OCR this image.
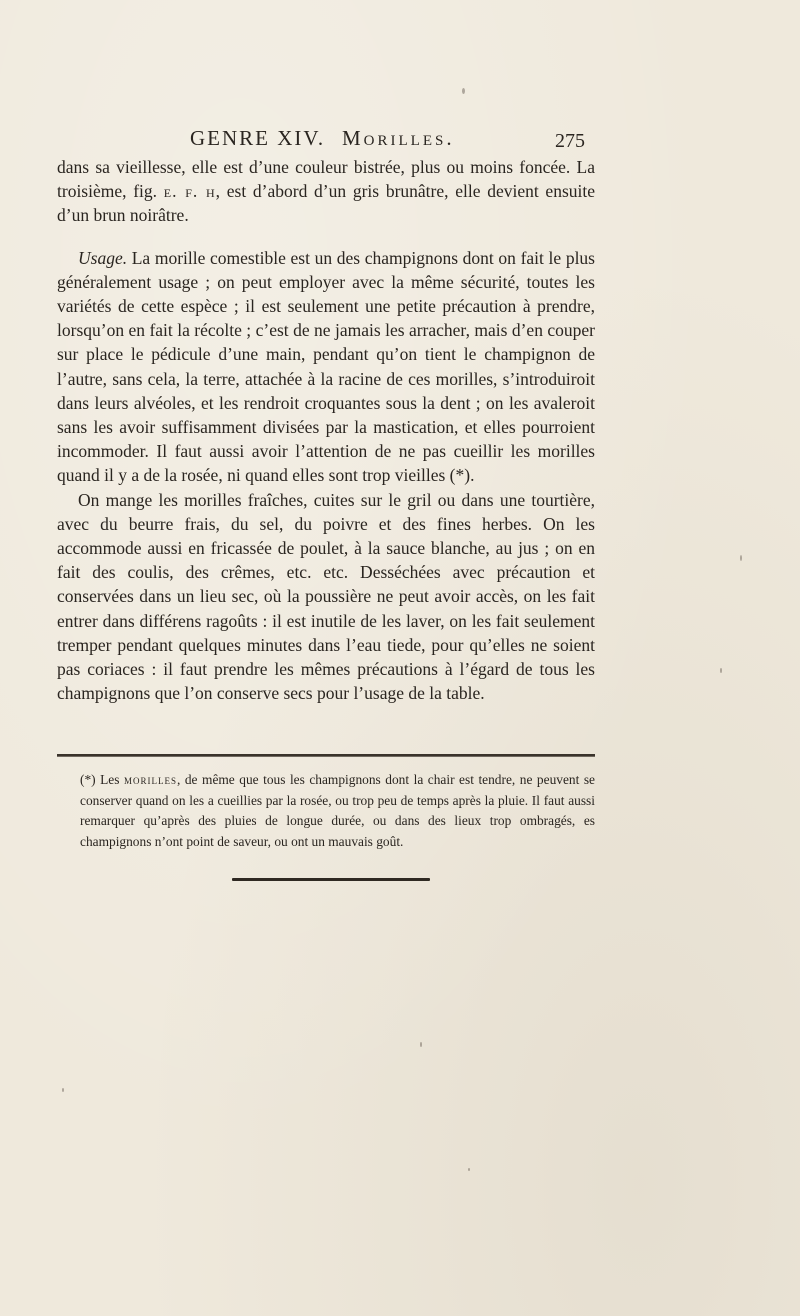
GENRE XIV. Morilles.	275

dans sa vieillesse, elle est d’une couleur bistrée, plus ou moins foncée. La troisième, fig. e. f. h, est d’abord d’un gris brunâtre, elle devient ensuite d’un brun noirâtre.

Usage. La morille comestible est un des champignons dont on fait le plus généralement usage ; on peut employer avec la même sécurité, toutes les variétés de cette espèce ; il est seulement une petite précaution à prendre, lorsqu’on en fait la récolte ; c’est de ne jamais les arracher, mais d’en couper sur place le pédicule d’une main, pendant qu’on tient le champignon de l’autre, sans cela, la terre, attachée à la racine de ces morilles, s’introduiroit dans leurs alvéoles, et les rendroit croquantes sous la dent ; on les avaleroit sans les avoir suffisamment divisées par la mastication, et elles pourroient incommoder. Il faut aussi avoir l’attention de ne pas cueillir les morilles quand il y a de la rosée, ni quand elles sont trop vieilles (*).

On mange les morilles fraîches, cuites sur le gril ou dans une tourtière, avec du beurre frais, du sel, du poivre et des fines herbes. On les accommode aussi en fricassée de poulet, à la sauce blanche, au jus ; on en fait des coulis, des crêmes, etc. etc. Desséchées avec précaution et conservées dans un lieu sec, où la poussière ne peut avoir accès, on les fait entrer dans différens ragoûts : il est inutile de les laver, on les fait seulement tremper pendant quelques minutes dans l’eau tiede, pour qu’elles ne soient pas coriaces : il faut prendre les mêmes précautions à l’égard de tous les champignons que l’on conserve secs pour l’usage de la table.

(*) Les morilles, de même que tous les champignons dont la chair est tendre, ne peuvent se conserver quand on les a cueillies par la rosée, ou trop peu de temps après la pluie. Il faut aussi remarquer qu’après des pluies de longue durée, ou dans des lieux trop ombragés, es champignons n’ont point de saveur, ou ont un mauvais goût.
